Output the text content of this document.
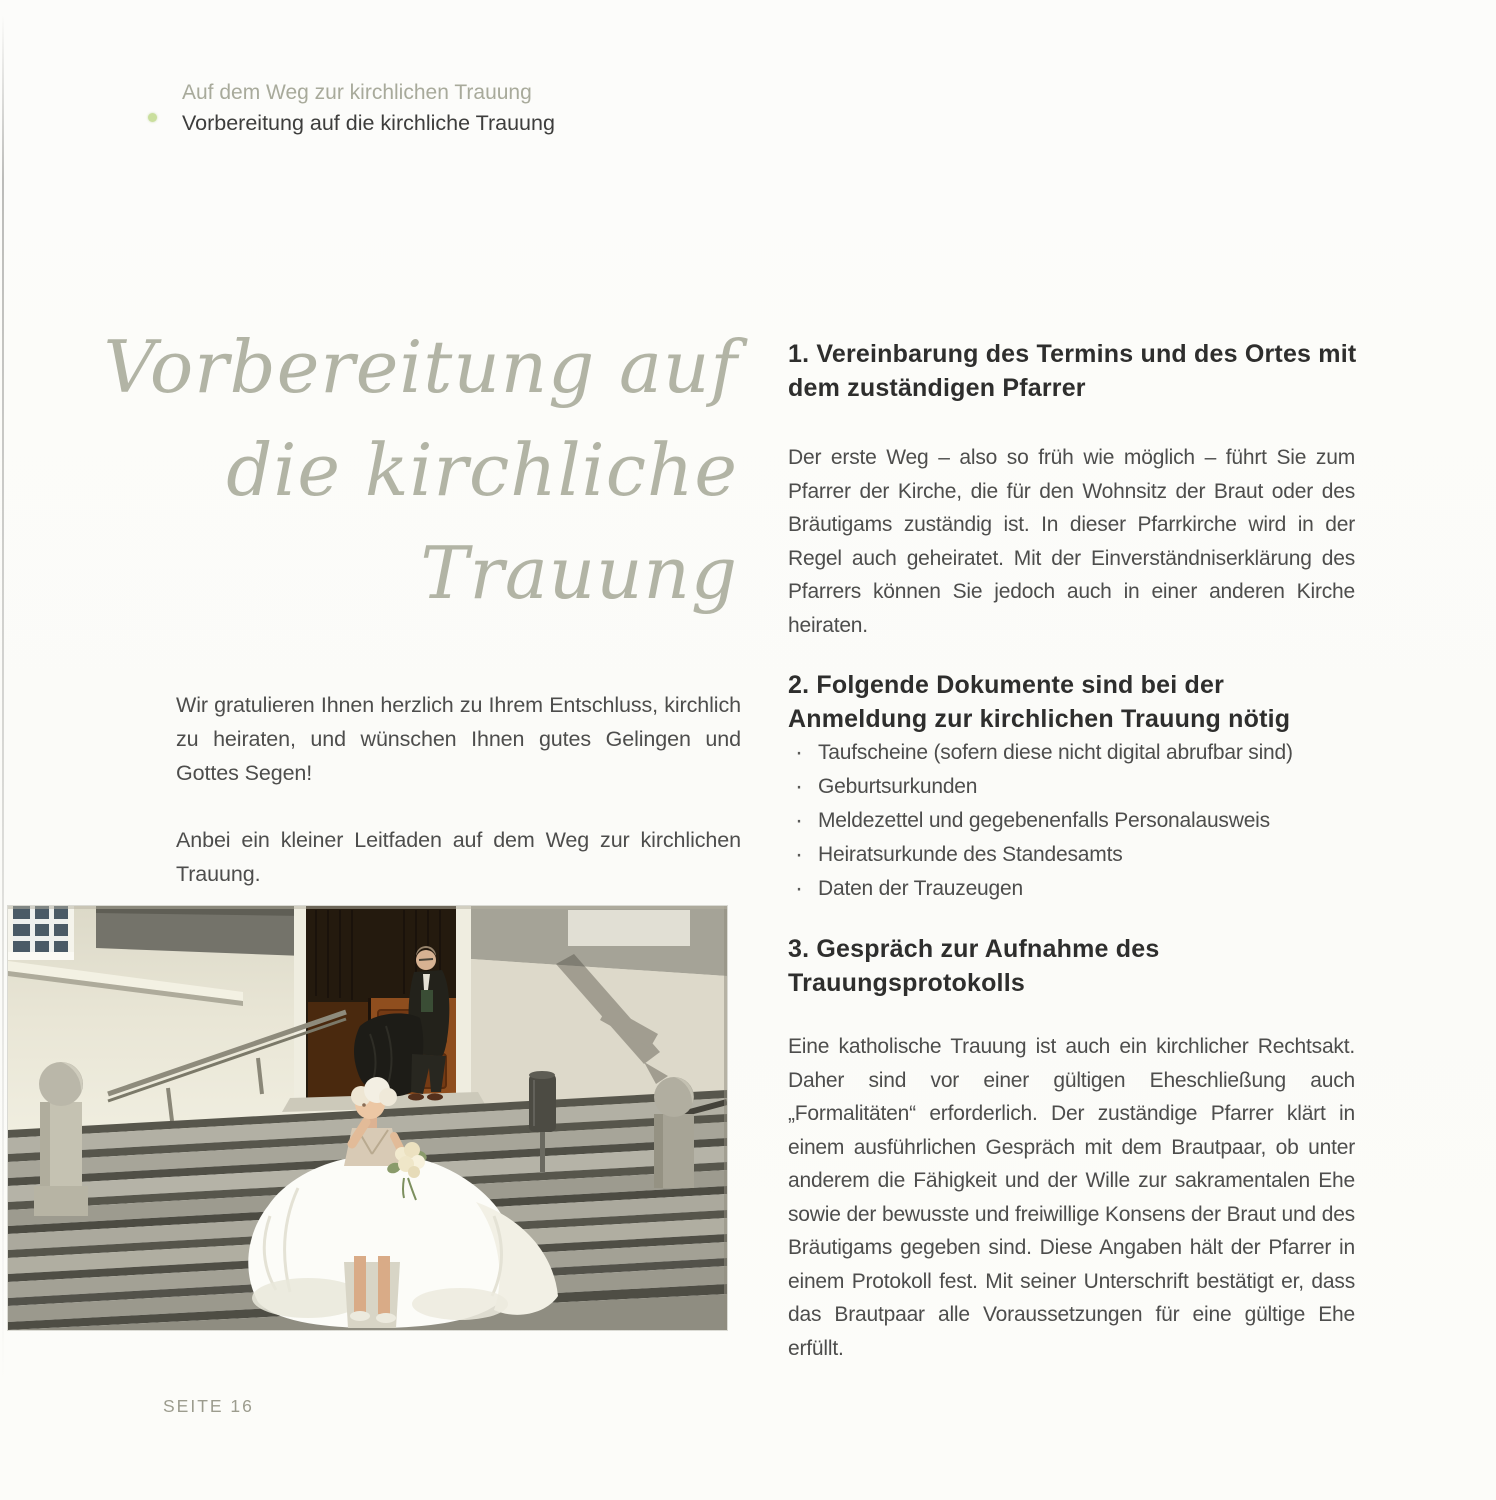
Auf dem Weg zur kirchlichen Trauung
Vorbereitung auf die kirchliche Trauung
Vorbereitung auf
die kirchliche
Trauung
Wir gratulieren Ihnen herzlich zu Ihrem Entschluss, kirchlich zu heiraten, und wünschen Ihnen gutes Gelingen und Gottes Segen!
Anbei ein kleiner Leitfaden auf dem Weg zur kirchlichen Trauung.
1. Vereinbarung des Termins und des Ortes mit
dem zuständigen Pfarrer
Der erste Weg – also so früh wie möglich – führt Sie zum Pfarrer der Kirche, die für den Wohnsitz der Braut oder des Bräutigams zuständig ist. In dieser Pfarrkirche wird in der Regel auch geheiratet. Mit der Einverständniserklärung des Pfarrers können Sie jedoch auch in einer anderen Kirche heiraten.
2. Folgende Dokumente sind bei der
Anmeldung zur kirchlichen Trauung nötig
· Taufscheine (sofern diese nicht digital abrufbar sind)
· Geburtsurkunden
· Meldezettel und gegebenenfalls Personalausweis
· Heiratsurkunde des Standesamts
· Daten der Trauzeugen
3. Gespräch zur Aufnahme des
Trauungsprotokolls
Eine katholische Trauung ist auch ein kirchlicher Rechtsakt. Daher sind vor einer gültigen Eheschließung auch „Formalitäten“ erforderlich. Der zuständige Pfarrer klärt in einem ausführlichen Gespräch mit dem Brautpaar, ob unter anderem die Fähigkeit und der Wille zur sakramentalen Ehe sowie der bewusste und freiwillige Konsens der Braut und des Bräutigams gegeben sind. Diese Angaben hält der Pfarrer in einem Protokoll fest. Mit seiner Unterschrift bestätigt er, dass das Brautpaar alle Voraussetzungen für eine gültige Ehe erfüllt.
SEITE 16
